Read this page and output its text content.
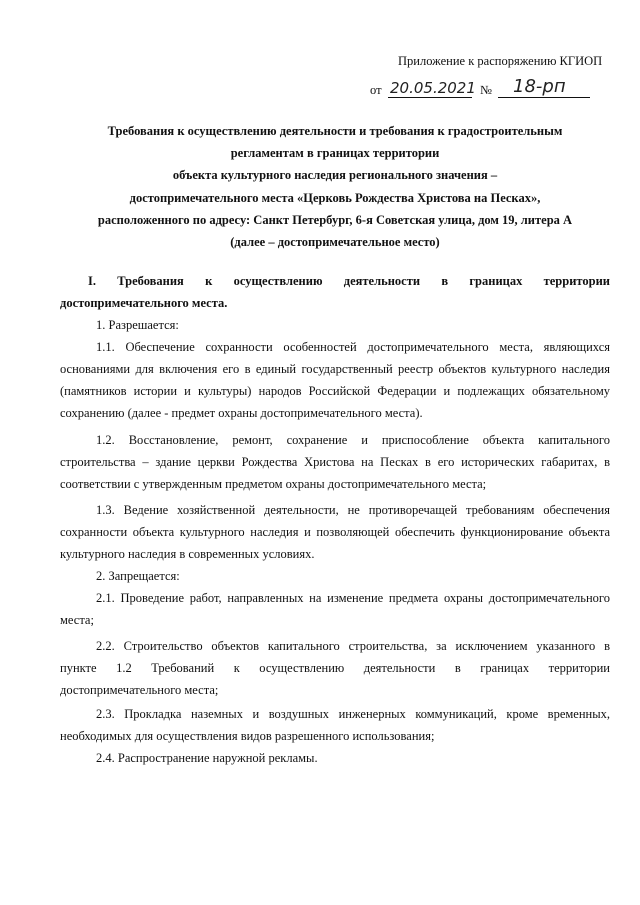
Приложение к распоряжению КГИОП
от 20.05.2021 № 18-рп
Требования к осуществлению деятельности и требования к градостроительным
регламентам в границах территории
объекта культурного наследия регионального значения –
достопримечательного места «Церковь Рождества Христова на Песках»,
расположенного по адресу: Санкт Петербург, 6-я Советская улица, дом 19, литера А
(далее – достопримечательное место)
I. Требования к осуществлению деятельности в границах территории
достопримечательного места.
1. Разрешается:
1.1. Обеспечение сохранности особенностей достопримечательного места, являющихся
основаниями для включения его в единый государственный реестр объектов культурного наследия
(памятников истории и культуры) народов Российской Федерации и подлежащих обязательному
сохранению (далее - предмет охраны достопримечательного места).
1.2. Восстановление, ремонт, сохранение и приспособление объекта капитального
строительства – здание церкви Рождества Христова на Песках в его исторических габаритах, в
соответствии с утвержденным предметом охраны достопримечательного места;
1.3. Ведение хозяйственной деятельности, не противоречащей требованиям обеспечения
сохранности объекта культурного наследия и позволяющей обеспечить функционирование объекта
культурного наследия в современных условиях.
2. Запрещается:
2.1. Проведение работ, направленных на изменение предмета охраны достопримечательного
места;
2.2. Строительство объектов капитального строительства, за исключением указанного в
пункте 1.2 Требований к осуществлению деятельности в границах территории
достопримечательного места;
2.3. Прокладка наземных и воздушных инженерных коммуникаций, кроме временных,
необходимых для осуществления видов разрешенного использования;
2.4. Распространение наружной рекламы.
